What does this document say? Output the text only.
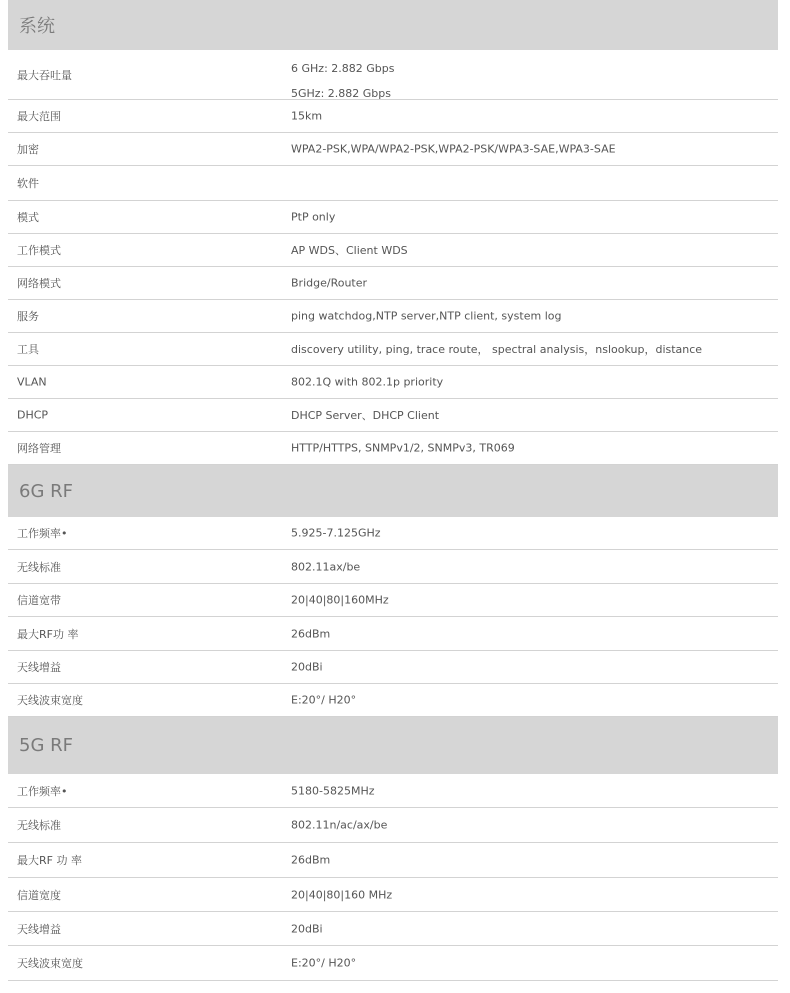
系统
最大吞吐量	6 GHz: 2.882 Gbps
5GHz: 2.882 Gbps
最大范围	15km
加密	WPA2-PSK,WPA/WPA2-PSK,WPA2-PSK/WPA3-SAE,WPA3-SAE
软件
模式	PtP only
工作模式	AP WDS、Client WDS
网络模式	Bridge/Router
服务	ping watchdog,NTP server,NTP client, system log
工具	discovery utility, ping, trace route， spectral analysis，nslookup，distance
VLAN	802.1Q with 802.1p priority
DHCP	DHCP Server、DHCP Client
网络管理	HTTP/HTTPS, SNMPv1/2, SNMPv3, TR069
6G RF
工作频率•	5.925-7.125GHz
无线标准	802.11ax/be
信道宽带	20|40|80|160MHz
最大RF功 率	26dBm
天线增益	20dBi
天线波束宽度	E:20°/ H20°
5G RF
工作频率•	5180-5825MHz
无线标准	802.11n/ac/ax/be
最大RF 功 率	26dBm
信道宽度	20|40|80|160 MHz
天线增益	20dBi
天线波束宽度	E:20°/ H20°
